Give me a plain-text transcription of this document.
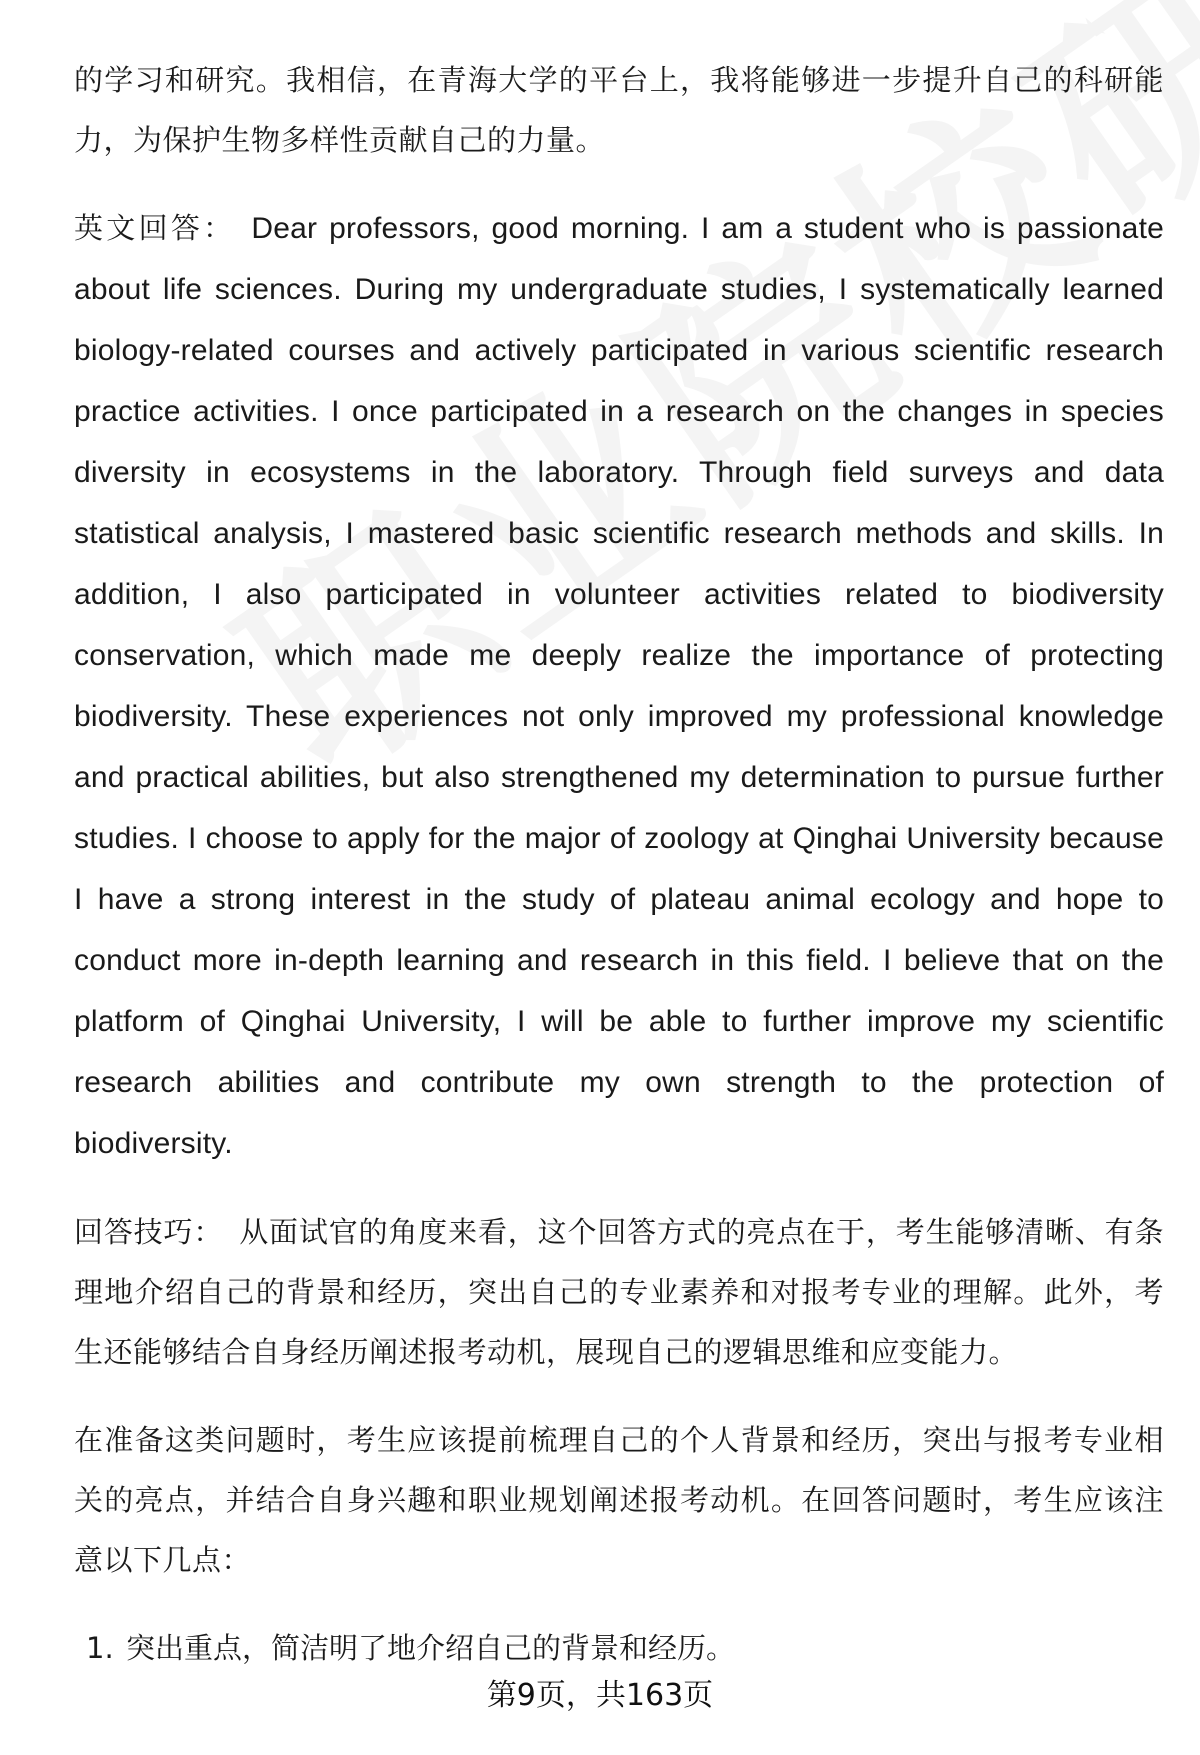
的学习和研究。我相信，在青海大学的平台上，我将能够进一步提升自己的科研能力，为保护生物多样性贡献自己的力量。

英文回答： Dear professors, good morning. I am a student who is passionate about life sciences. During my undergraduate studies, I systematically learned biology-related courses and actively participated in various scientific research practice activities. I once participated in a research on the changes in species diversity in ecosystems in the laboratory. Through field surveys and data statistical analysis, I mastered basic scientific research methods and skills. In addition, I also participated in volunteer activities related to biodiversity conservation, which made me deeply realize the importance of protecting biodiversity. These experiences not only improved my professional knowledge and practical abilities, but also strengthened my determination to pursue further studies. I choose to apply for the major of zoology at Qinghai University because I have a strong interest in the study of plateau animal ecology and hope to conduct more in-depth learning and research in this field. I believe that on the platform of Qinghai University, I will be able to further improve my scientific research abilities and contribute my own strength to the protection of biodiversity.

回答技巧： 从面试官的角度来看，这个回答方式的亮点在于，考生能够清晰、有条理地介绍自己的背景和经历，突出自己的专业素养和对报考专业的理解。此外，考生还能够结合自身经历阐述报考动机，展现自己的逻辑思维和应变能力。

在准备这类问题时，考生应该提前梳理自己的个人背景和经历，突出与报考专业相关的亮点，并结合自身兴趣和职业规划阐述报考动机。在回答问题时，考生应该注意以下几点：

1. 突出重点，简洁明了地介绍自己的背景和经历。
第9页，共163页
